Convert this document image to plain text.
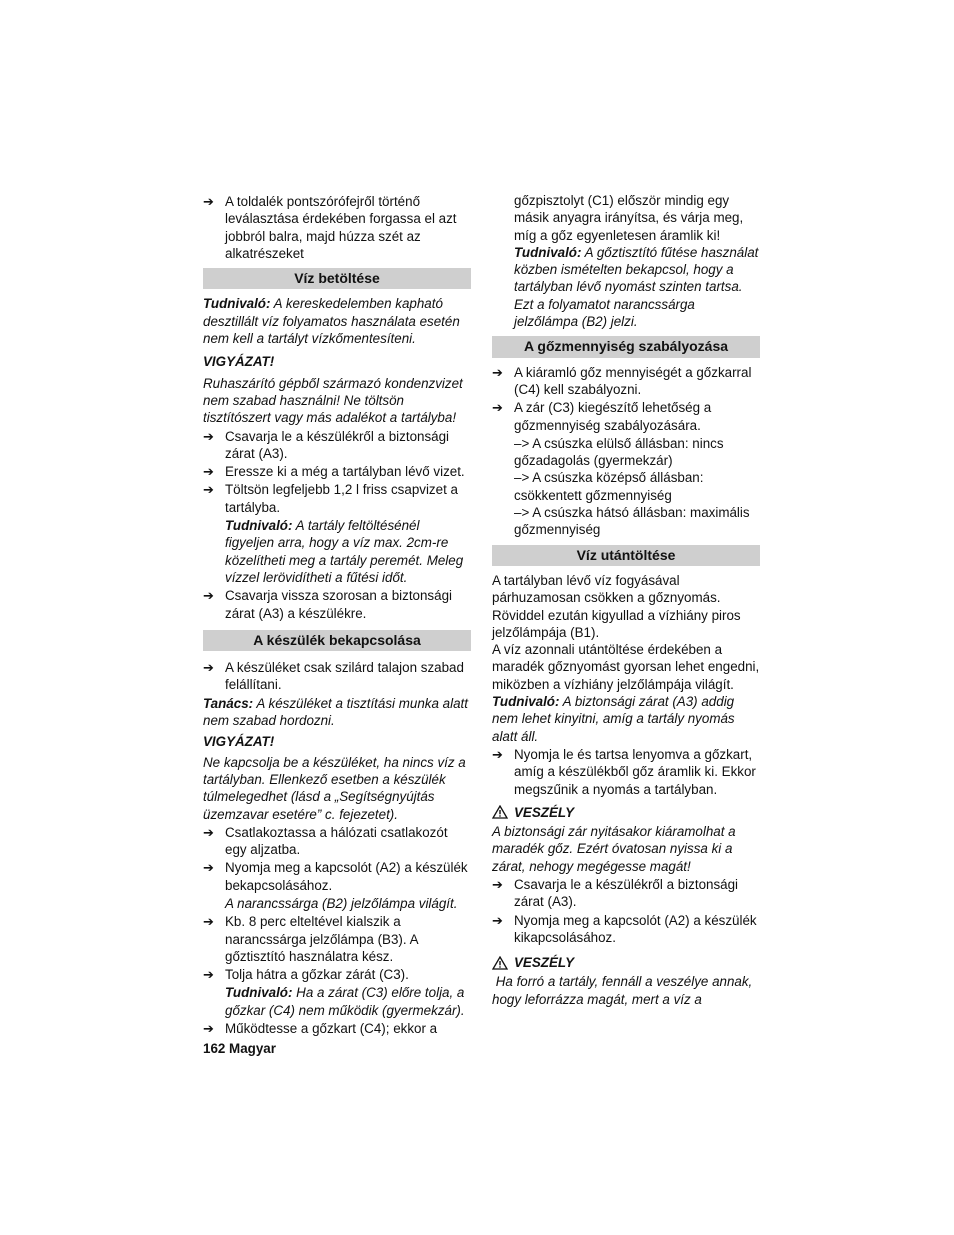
➔ A toldalék pontszórófejről történő leválasztása érdekében forgassa el azt jobbról balra, majd húzza szét az alkatrészeket
Víz betöltése

Tudnivaló: A kereskedelemben kapható desztillált víz folyamatos használata esetén nem kell a tartályt vízkőmentesíteni.

VIGYÁZAT!

Ruhaszárító gépből származó kondenzvizet nem szabad használni! Ne töltsön tisztítószert vagy más adalékot a tartályba!

➔ Csavarja le a készülékről a biztonsági zárat (A3).
➔ Eressze ki a még a tartályban lévő vizet.
➔ Töltsön legfeljebb 1,2 l friss csapvizet a tartályba.

Tudnivaló: A tartály feltöltésénél figyeljen arra, hogy a víz max. 2cm-re közelítheti meg a tartály peremét. Meleg vízzel lerövidítheti a fűtési időt.

➔ Csavarja vissza szorosan a biztonsági zárat (A3) a készülékre.
A készülék bekapcsolása
➔ A készüléket csak szilárd talajon szabad felállítani.

Tanács: A készüléket a tisztítási munka alatt nem szabad hordozni.

VIGYÁZAT!

Ne kapcsolja be a készüléket, ha nincs víz a tartályban. Ellenkező esetben a készülék túlmelegedhet (lásd a „Segítségnyújtás üzemzavar esetére” c. fejezetet).

➔ Csatlakoztassa a hálózati csatlakozót egy aljzatba.
➔ Nyomja meg a kapcsolót (A2) a készülék bekapcsolásához.

A narancssárga (B2) jelzőlámpa világít.

➔ Kb. 8 perc elteltével kialszik a narancssárga jelzőlámpa (B3). A gőztisztító használatra kész.
➔ Tolja hátra a gőzkar zárát (C3).

Tudnivaló: Ha a zárat (C3) előre tolja, a gőzkar (C4) nem működik (gyermekzár).

➔ Működtesse a gőzkart (C4); ekkor a

gőzpisztolyt (C1) először mindig egy másik anyagra irányítsa, és várja meg, míg a gőz egyenletesen áramlik ki!

Tudnivaló: A gőztisztító fűtése használat közben ismételten bekapcsol, hogy a tartályban lévő nyomást szinten tartsa. Ezt a folyamatot narancssárga jelzőlámpa (B2) jelzi.

A gőzmennyiség szabályozása
➔ A kiáramló gőz mennyiségét a gőzkarral (C4) kell szabályozni.
➔ A zár (C3) kiegészítő lehetőség a gőzmennyiség szabályozására.

–> A csúszka elülső állásban: nincs gőzadagolás (gyermekzár)

–> A csúszka középső állásban: csökkentett gőzmennyiség

–> A csúszka hátsó állásban: maximális gőzmennyiség

Víz utántöltése

A tartályban lévő víz fogyásával párhuzamosan csökken a gőznyomás. Röviddel ezután kigyullad a vízhiány piros jelzőlámpája (B1).

A víz azonnali utántöltése érdekében a maradék gőznyomást gyorsan lehet engedni, miközben a vízhiány jelzőlámpája világít.

Tudnivaló: A biztonsági zárat (A3) addig nem lehet kinyitni, amíg a tartály nyomás alatt áll.

➔ Nyomja le és tartsa lenyomva a gőzkart, amíg a készülékből gőz áramlik ki. Ekkor megszűnik a nyomás a tartályban.
VESZÉLY

A biztonsági zár nyitásakor kiáramolhat a maradék gőz. Ezért óvatosan nyissa ki a zárat, nehogy megégesse magát!

➔ Csavarja le a készülékről a biztonsági zárat (A3).
➔ Nyomja meg a kapcsolót (A2) a készülék kikapcsolásához.
VESZÉLY

Ha forró a tartály, fennáll a veszélye annak, hogy leforrázza magát, mert a víz a

162 Magyar
